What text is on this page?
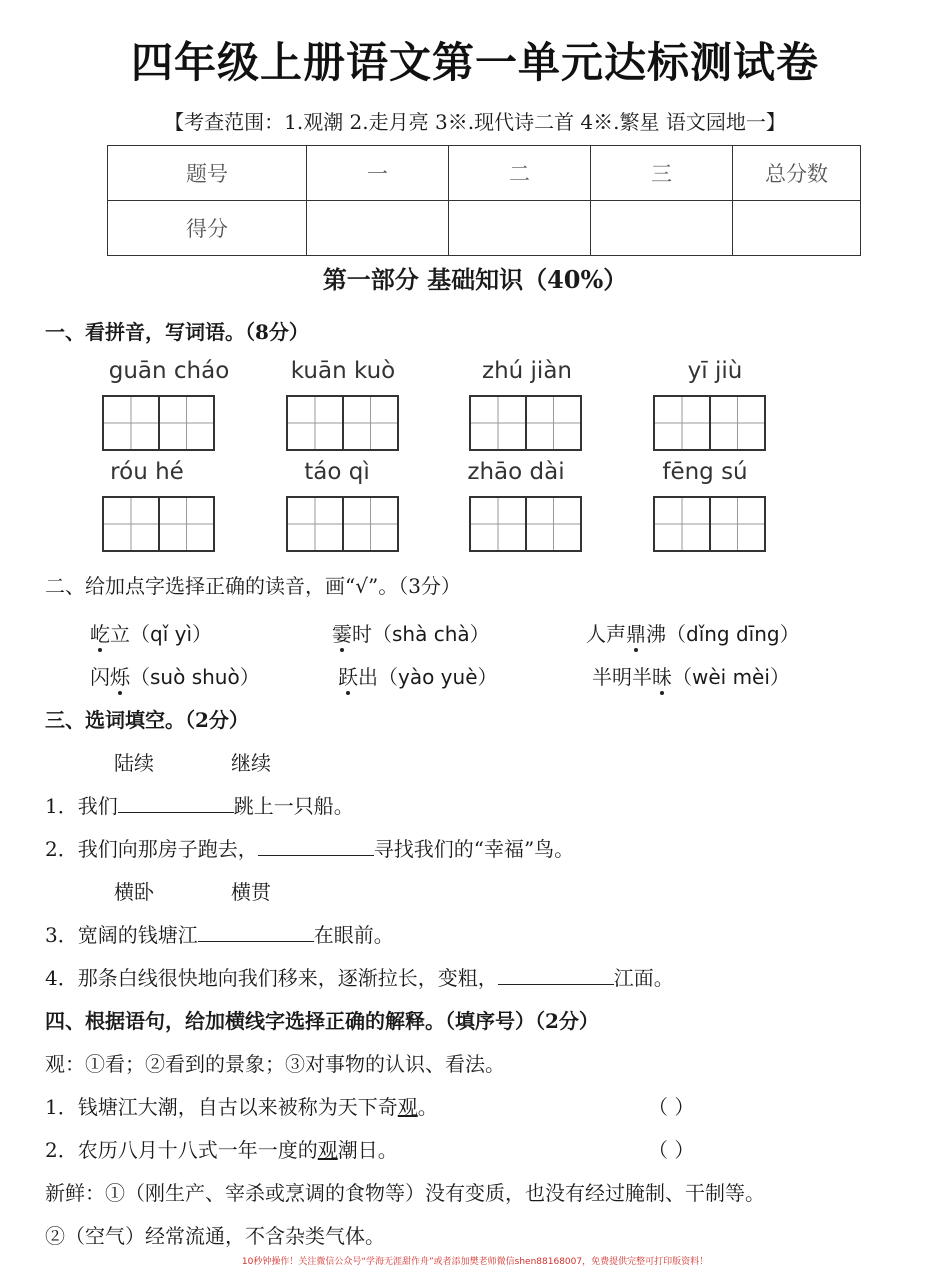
四年级上册语文第一单元达标测试卷
【考查范围：1.观潮 2.走月亮 3※.现代诗二首 4※.繁星 语文园地一】
题号	一	二	三	总分数
得分				
第一部分 基础知识（40%）
一、看拼音，写词语。（8分）
guān cháo	kuān kuò	zhú jiàn	yī jiù
róu hé	táo qì	zhāo dài	fēng sú
二、给加点字选择正确的读音，画“√”。（3分）
屹立（qǐ yì）	霎时（shà chà）	人声鼎沸（dǐng dīng）
闪烁（suò shuò）	跃出（yào yuè）	半明半昧（wèi mèi）
三、选词填空。（2分）
陆续	继续
1．我们	跳上一只船。
2．我们向那房子跑去，	寻找我们的“幸福”鸟。
横卧	横贯
3．宽阔的钱塘江	在眼前。
4．那条白线很快地向我们移来，逐渐拉长，变粗，	江面。
四、根据语句，给加横线字选择正确的解释。（填序号）（2分）
观：①看；②看到的景象；③对事物的认识、看法。
1．钱塘江大潮，自古以来被称为天下奇观。	（ ）
2．农历八月十八式一年一度的观潮日。	（ ）
新鲜：①（刚生产、宰杀或烹调的食物等）没有变质，也没有经过腌制、干制等。
②（空气）经常流通，不含杂类气体。
10秒钟操作！关注微信公众号“学海无涯甜作舟”或者添加樊老师微信shen88168007，免费提供完整可打印版资料！
